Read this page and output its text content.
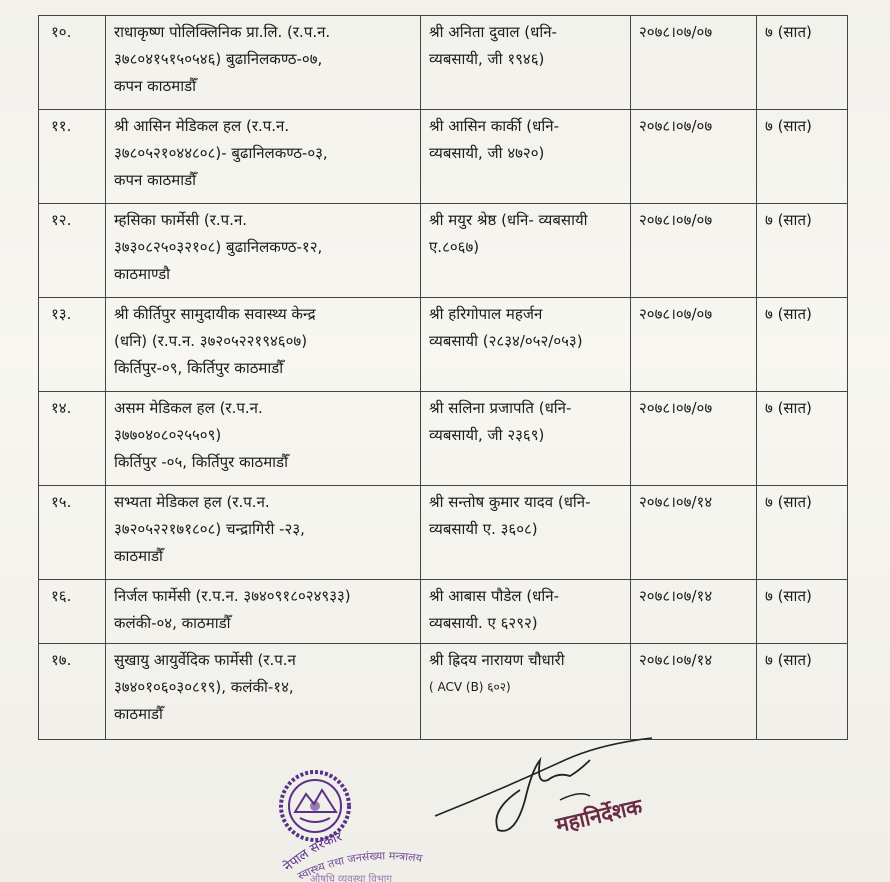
१०.	राधाकृष्ण पोलिक्लिनिक प्रा.लि. (र.प.न.
३७८०४१५१५०५४६) बुढानिलकण्ठ-०७,
कपन काठमाडौँ	श्री अनिता दुवाल (धनि-
व्यबसायी, जी १९४६)	२०७८।०७/०७	७ (सात)
११.	श्री आसिन मेडिकल हल (र.प.न.
३७८०५२१०४४८०८)- बुढानिलकण्ठ-०३,
कपन काठमाडौँ	श्री आसिन कार्की (धनि-
व्यबसायी, जी ४७२०)	२०७८।०७/०७	७ (सात)
१२.	म्हसिका फार्मेसी (र.प.न.
३७३०८२५०३२१०८) बुढानिलकण्ठ-१२,
काठमाण्डौ	श्री मयुर श्रेष्ठ (धनि- व्यबसायी
ए.८०६७)	२०७८।०७/०७	७ (सात)
१३.	श्री कीर्तिपुर सामुदायीक सवास्थ्य केन्द्र
(धनि) (र.प.न. ३७२०५२२१९४६०७)
किर्तिपुर-०९, किर्तिपुर काठमाडौँ	श्री हरिगोपाल महर्जन
व्यबसायी (२८३४/०५२/०५३)	२०७८।०७/०७	७ (सात)
१४.	असम मेडिकल हल (र.प.न.
३७७०४०८०२५५०९)
किर्तिपुर -०५, किर्तिपुर काठमाडौँ	श्री सलिना प्रजापति (धनि-
व्यबसायी, जी २३६९)	२०७८।०७/०७	७ (सात)
१५.	सभ्यता मेडिकल हल (र.प.न.
३७२०५२२१७१८०८) चन्द्रागिरी -२३,
काठमाडौँ	श्री सन्तोष कुमार यादव (धनि-
व्यबसायी ए. ३६०८)	२०७८।०७/१४	७ (सात)
१६.	निर्जल फार्मेसी (र.प.न. ३७४०९१८०२४९३३)
कलंकी-०४, काठमाडौँ	श्री आबास पौडेल (धनि-
व्यबसायी. ए ६२९२)	२०७८।०७/१४	७ (सात)
१७.	सुखायु आयुर्वेदिक फार्मेसी (र.प.न
३७४०१०६०३०८१९), कलंकी-१४,
काठमाडौँ	श्री ह्रिदय नारायण चौधारी
( ACV (B) ६०२)	२०७८।०७/१४	७ (सात)
नेपाल सरकार
स्वास्थ्य तथा जनसंख्या मन्त्रालय
औषधि व्यवस्था विभाग
महानिर्देशक
